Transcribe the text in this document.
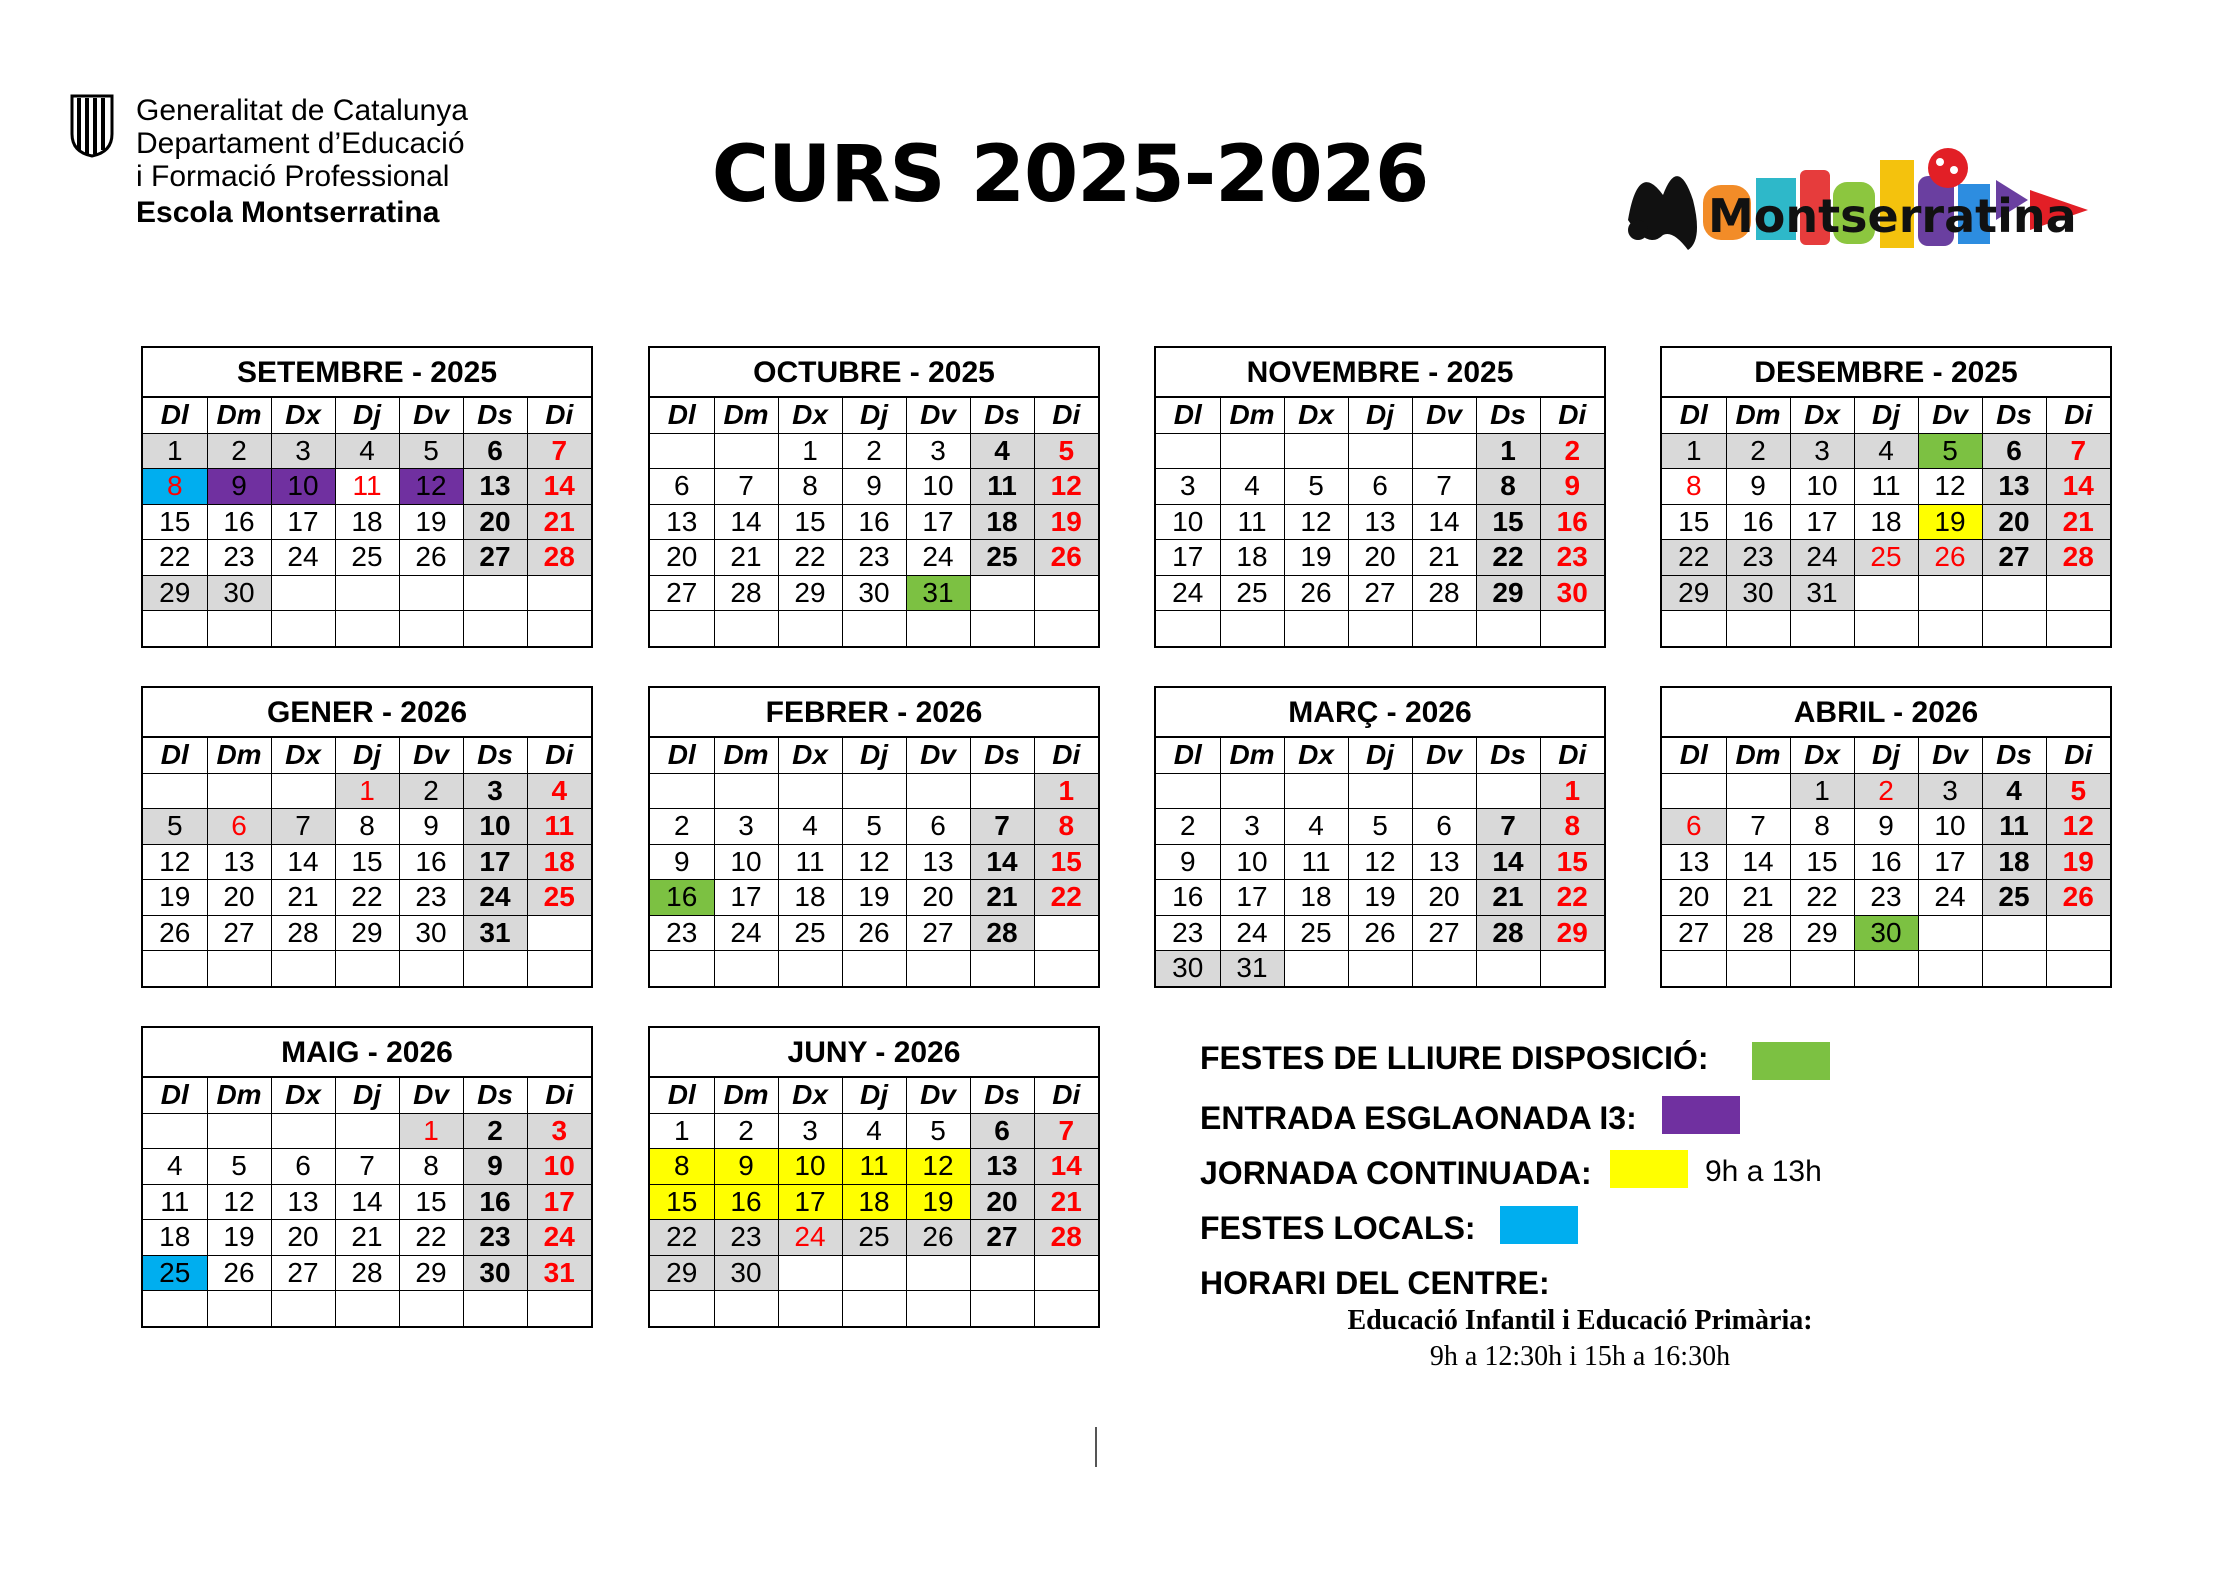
Generalitat de Catalunya
Departament d’Educació
i Formació Professional
Escola Montserratina	CURS 2025-2026	Montserratina
SETEMBRE - 2025
Dl	Dm	Dx	Dj	Dv	Ds	Di
1	2	3	4	5	6	7
8	9	10	11	12	13	14
15	16	17	18	19	20	21
22	23	24	25	26	27	28
29	30					

OCTUBRE - 2025
Dl	Dm	Dx	Dj	Dv	Ds	Di
		1	2	3	4	5
6	7	8	9	10	11	12
13	14	15	16	17	18	19
20	21	22	23	24	25	26
27	28	29	30	31		

NOVEMBRE - 2025
Dl	Dm	Dx	Dj	Dv	Ds	Di
					1	2
3	4	5	6	7	8	9
10	11	12	13	14	15	16
17	18	19	20	21	22	23
24	25	26	27	28	29	30

DESEMBRE - 2025
Dl	Dm	Dx	Dj	Dv	Ds	Di
1	2	3	4	5	6	7
8	9	10	11	12	13	14
15	16	17	18	19	20	21
22	23	24	25	26	27	28
29	30	31				

GENER - 2026
Dl	Dm	Dx	Dj	Dv	Ds	Di
			1	2	3	4
5	6	7	8	9	10	11
12	13	14	15	16	17	18
19	20	21	22	23	24	25
26	27	28	29	30	31	

FEBRER - 2026
Dl	Dm	Dx	Dj	Dv	Ds	Di
						1
2	3	4	5	6	7	8
9	10	11	12	13	14	15
16	17	18	19	20	21	22
23	24	25	26	27	28	

MARÇ - 2026
Dl	Dm	Dx	Dj	Dv	Ds	Di
						1
2	3	4	5	6	7	8
9	10	11	12	13	14	15
16	17	18	19	20	21	22
23	24	25	26	27	28	29
30	31					
ABRIL - 2026
Dl	Dm	Dx	Dj	Dv	Ds	Di
		1	2	3	4	5
6	7	8	9	10	11	12
13	14	15	16	17	18	19
20	21	22	23	24	25	26
27	28	29	30			

MAIG - 2026
Dl	Dm	Dx	Dj	Dv	Ds	Di
				1	2	3
4	5	6	7	8	9	10
11	12	13	14	15	16	17
18	19	20	21	22	23	24
25	26	27	28	29	30	31

JUNY - 2026
Dl	Dm	Dx	Dj	Dv	Ds	Di
1	2	3	4	5	6	7
8	9	10	11	12	13	14
15	16	17	18	19	20	21
22	23	24	25	26	27	28
29	30					

FESTES DE LLIURE DISPOSICIÓ:
ENTRADA ESGLAONADA I3:
JORNADA CONTINUADA:	9h a 13h
FESTES LOCALS:
HORARI DEL CENTRE:
Educació Infantil i Educació Primària:
9h a 12:30h i 15h a 16:30h
